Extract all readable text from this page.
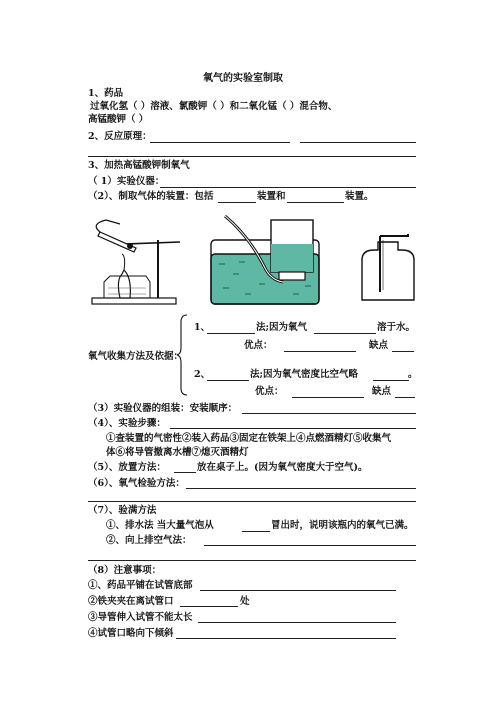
氧气的实验室制取
1、药品
过氧化氢（ ）溶液、氯酸钾（ ）和二氧化锰（ ）混合物、
高锰酸钾（ ）
2、反应原理：
3、加热高锰酸钾制氧气
（ 1）实验仪器：
（2）、制取气体的装置：包括	装置和	装置。
1、	法;因为氧气	溶于水。
优点：	缺点
氧气收集方法及依据：
2、	法;因为氧气密度比空气略	。
优点：	缺点
（3）实验仪器的组装：安装顺序：
（4）、实验步骤：
①查装置的气密性②装入药品③固定在铁架上④点燃酒精灯⑤收集气
体⑥将导管撤离水槽⑦熄灭酒精灯
（5）、放置方法：	放在桌子上。(因为氧气密度大于空气)。
（6）、氧气检验方法：
（7）、验满方法
①、排水法 当大量气泡从	冒出时，说明该瓶内的氧气已满。
②、向上排空气法：
（8）注意事项：
①、药品平铺在试管底部
②铁夹夹在离试管口	处
③导管伸入试管不能太长
④试管口略向下倾斜
